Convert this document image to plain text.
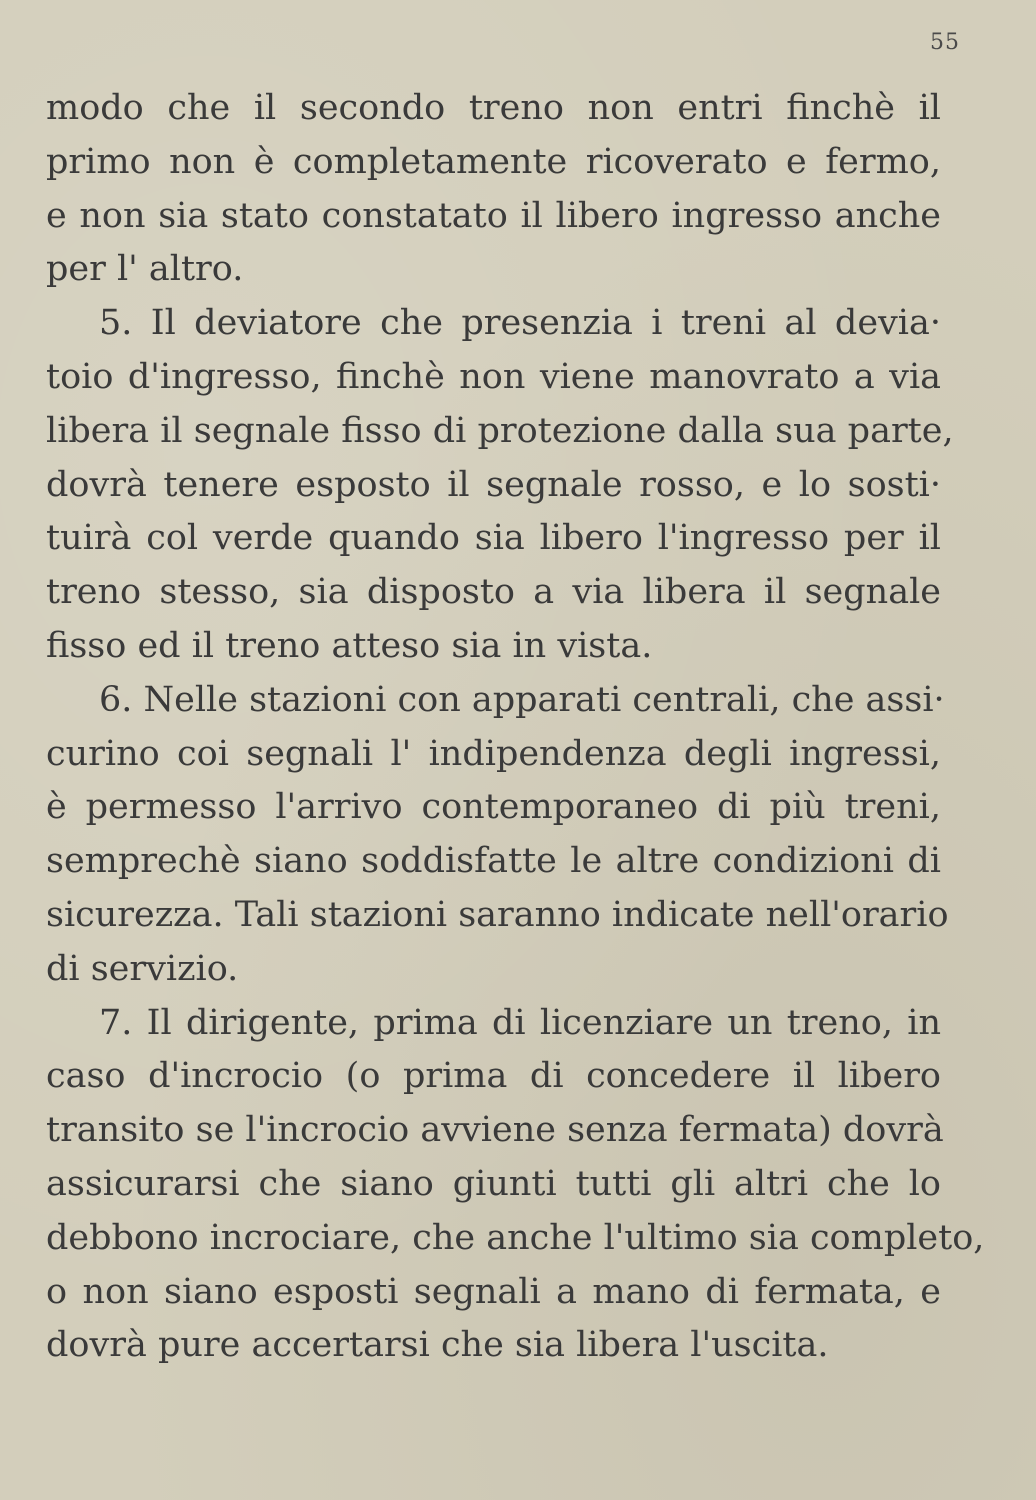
55
modo che il secondo treno non entri finchè il
primo non è completamente ricoverato e fermo,
e non sia stato constatato il libero ingresso anche
per l' altro.
5. Il deviatore che presenzia i treni al devia·
toio d'ingresso, finchè non viene manovrato a via
libera il segnale fisso di protezione dalla sua parte,
dovrà tenere esposto il segnale rosso, e lo sosti·
tuirà col verde quando sia libero l'ingresso per il
treno stesso, sia disposto a via libera il segnale
fisso ed il treno atteso sia in vista.
6. Nelle stazioni con apparati centrali, che assi·
curino coi segnali l' indipendenza degli ingressi,
è permesso l'arrivo contemporaneo di più treni,
semprechè siano soddisfatte le altre condizioni di
sicurezza. Tali stazioni saranno indicate nell'orario
di servizio.
7. Il dirigente, prima di licenziare un treno, in
caso d'incrocio (o prima di concedere il libero
transito se l'incrocio avviene senza fermata) dovrà
assicurarsi che siano giunti tutti gli altri che lo
debbono incrociare, che anche l'ultimo sia completo,
o non siano esposti segnali a mano di fermata, e
dovrà pure accertarsi che sia libera l'uscita.
